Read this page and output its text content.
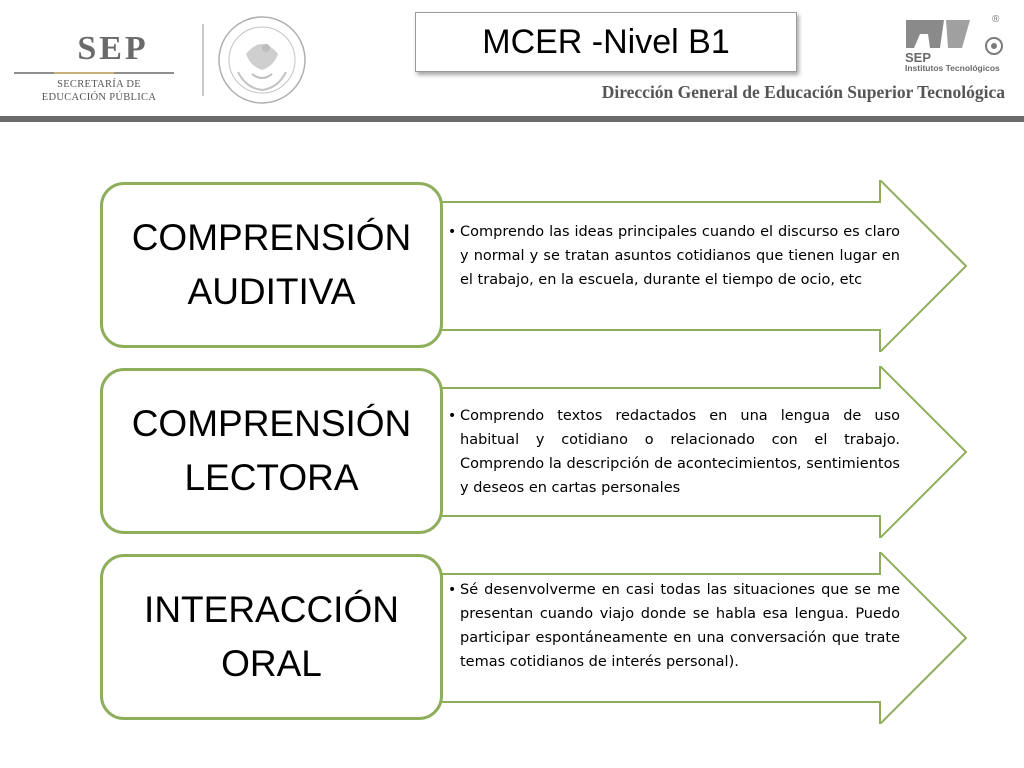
SEP
SECRETARÍA DE
EDUCACIÓN PÚBLICA
MCER -Nivel B1	SEP
Institutos Tecnológicos
®
Dirección General de Educación Superior Tecnológica
COMPRENSIÓN
AUDITIVA
• Comprendo las ideas principales cuando el discurso es claro y normal y se tratan asuntos cotidianos que tienen lugar en el trabajo, en la escuela, durante el tiempo de ocio, etc
COMPRENSIÓN
LECTORA
• Comprendo textos redactados en una lengua de uso habitual y cotidiano o relacionado con el trabajo. Comprendo la descripción de acontecimientos, sentimientos y deseos en cartas personales
INTERACCIÓN
ORAL
• Sé desenvolverme en casi todas las situaciones que se me presentan cuando viajo donde se habla esa lengua. Puedo participar espontáneamente en una conversación que trate temas cotidianos de interés personal).
